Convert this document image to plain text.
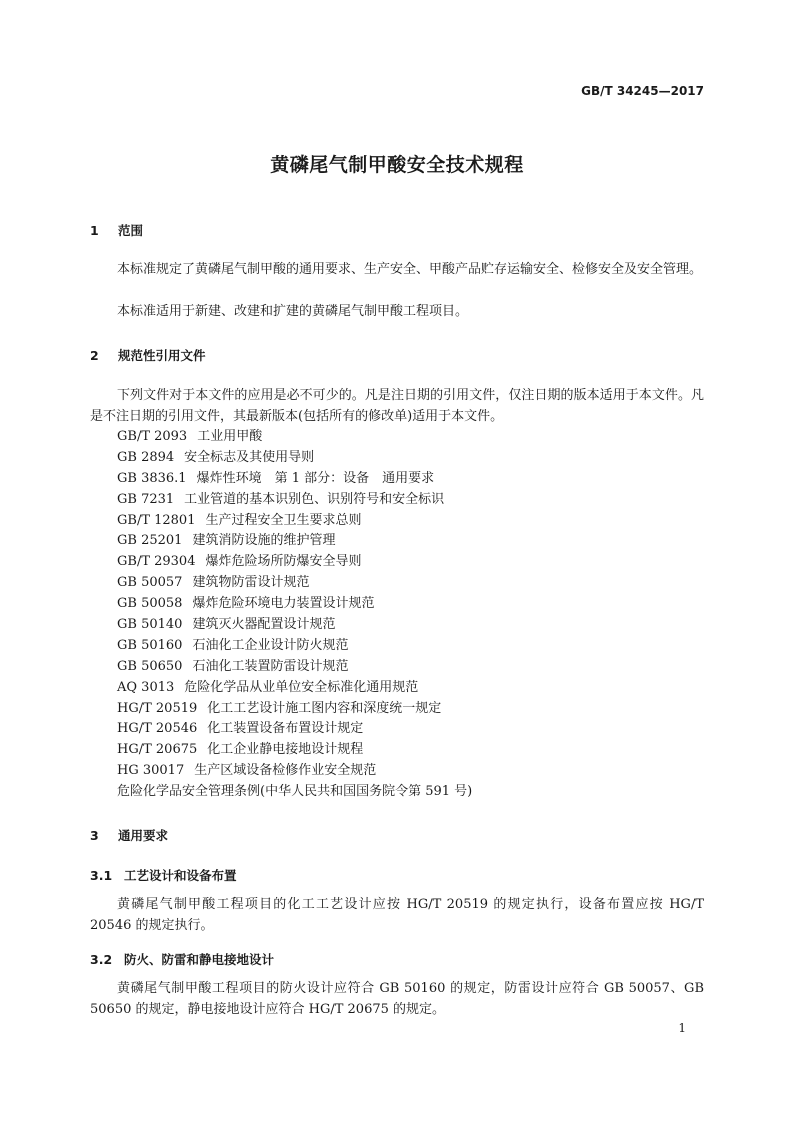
GB/T 34245—2017
黄磷尾气制甲酸安全技术规程
1 范围
本标准规定了黄磷尾气制甲酸的通用要求、生产安全、甲酸产品贮存运输安全、检修安全及安全管理。
本标准适用于新建、改建和扩建的黄磷尾气制甲酸工程项目。
2 规范性引用文件
下列文件对于本文件的应用是必不可少的。凡是注日期的引用文件，仅注日期的版本适用于本文件。凡是不注日期的引用文件，其最新版本(包括所有的修改单)适用于本文件。
GB/T 2093 工业用甲酸
GB 2894 安全标志及其使用导则
GB 3836.1 爆炸性环境　第 1 部分：设备　通用要求
GB 7231 工业管道的基本识别色、识别符号和安全标识
GB/T 12801 生产过程安全卫生要求总则
GB 25201 建筑消防设施的维护管理
GB/T 29304 爆炸危险场所防爆安全导则
GB 50057 建筑物防雷设计规范
GB 50058 爆炸危险环境电力装置设计规范
GB 50140 建筑灭火器配置设计规范
GB 50160 石油化工企业设计防火规范
GB 50650 石油化工装置防雷设计规范
AQ 3013 危险化学品从业单位安全标准化通用规范
HG/T 20519 化工工艺设计施工图内容和深度统一规定
HG/T 20546 化工装置设备布置设计规定
HG/T 20675 化工企业静电接地设计规程
HG 30017 生产区域设备检修作业安全规范
危险化学品安全管理条例(中华人民共和国国务院令第 591 号)
3 通用要求
3.1 工艺设计和设备布置
黄磷尾气制甲酸工程项目的化工工艺设计应按 HG/T 20519 的规定执行，设备布置应按 HG/T 20546 的规定执行。
3.2 防火、防雷和静电接地设计
黄磷尾气制甲酸工程项目的防火设计应符合 GB 50160 的规定，防雷设计应符合 GB 50057、GB 50650 的规定，静电接地设计应符合 HG/T 20675 的规定。
1
